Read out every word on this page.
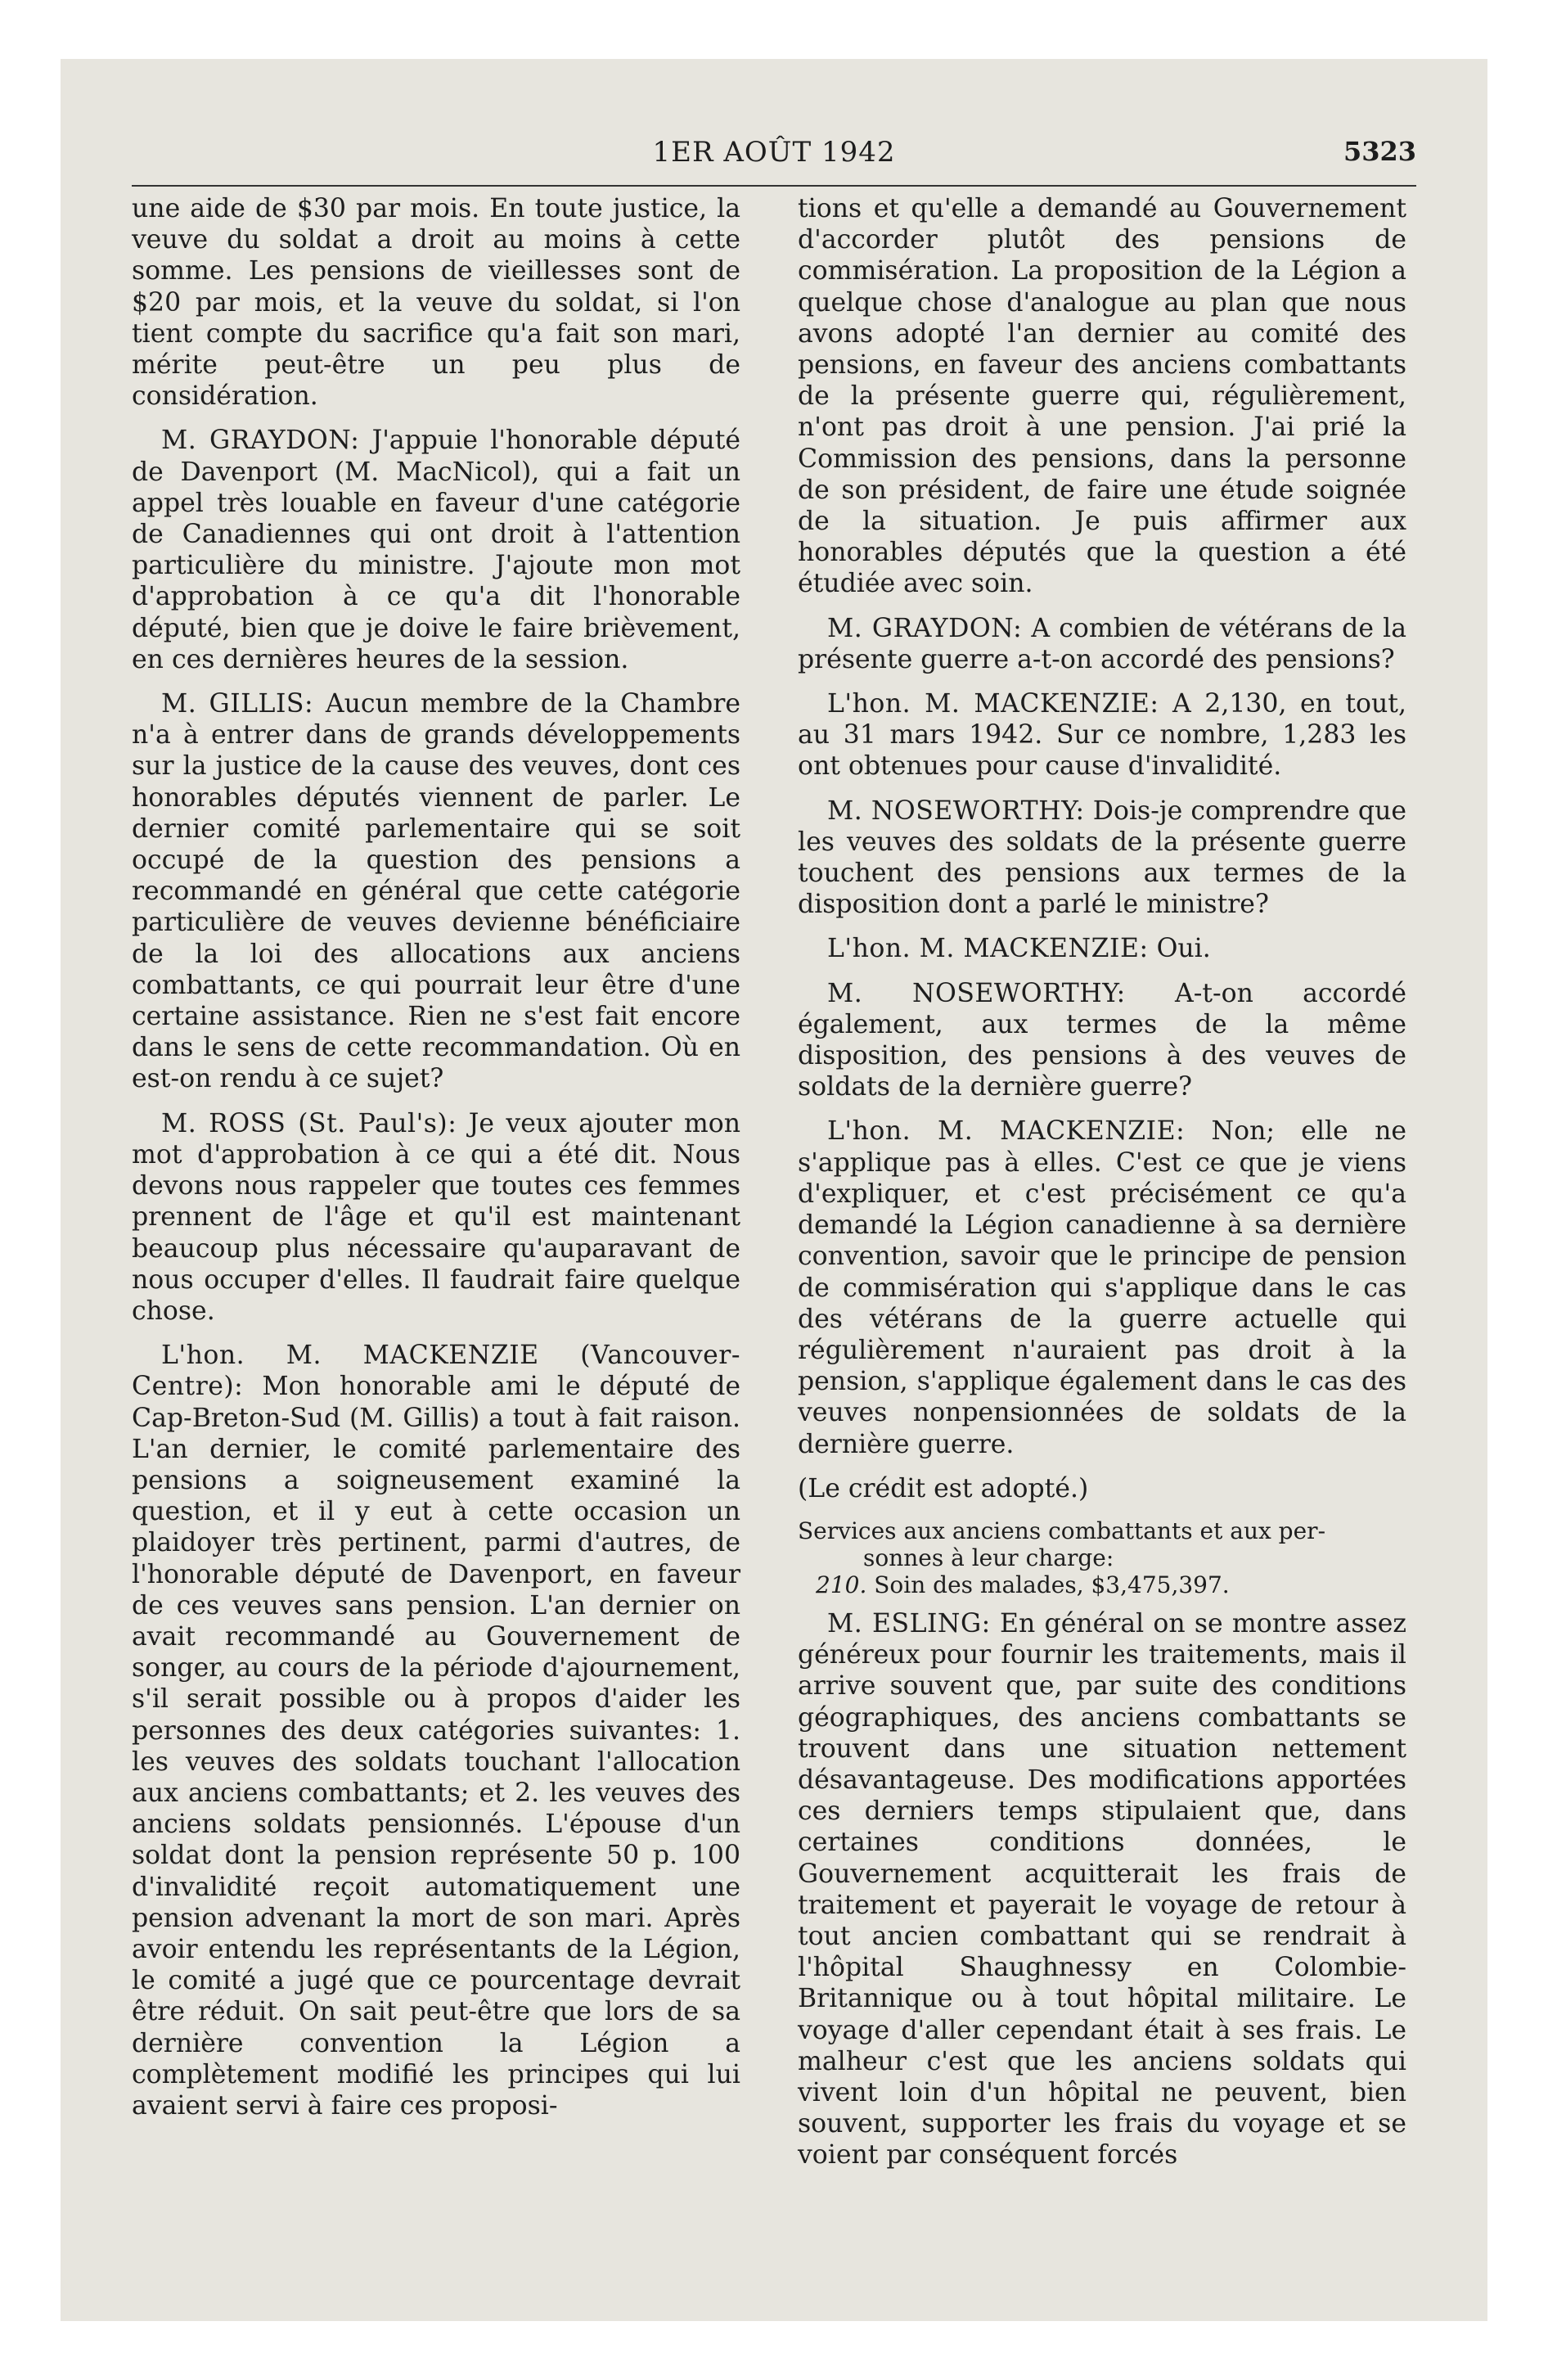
1ER AOÛT 1942	5323

une aide de $30 par mois. En toute justice, la veuve du soldat a droit au moins à cette somme. Les pensions de vieillesses sont de $20 par mois, et la veuve du soldat, si l'on tient compte du sacrifice qu'a fait son mari, mérite peut-être un peu plus de considération.

M. GRAYDON: J'appuie l'honorable député de Davenport (M. MacNicol), qui a fait un appel très louable en faveur d'une catégorie de Canadiennes qui ont droit à l'attention particulière du ministre. J'ajoute mon mot d'approbation à ce qu'a dit l'honorable député, bien que je doive le faire brièvement, en ces dernières heures de la session.

M. GILLIS: Aucun membre de la Chambre n'a à entrer dans de grands développements sur la justice de la cause des veuves, dont ces honorables députés viennent de parler. Le dernier comité parlementaire qui se soit occupé de la question des pensions a recommandé en général que cette catégorie particulière de veuves devienne bénéficiaire de la loi des allocations aux anciens combattants, ce qui pourrait leur être d'une certaine assistance. Rien ne s'est fait encore dans le sens de cette recommandation. Où en est-on rendu à ce sujet?

M. ROSS (St. Paul's): Je veux ajouter mon mot d'approbation à ce qui a été dit. Nous devons nous rappeler que toutes ces femmes prennent de l'âge et qu'il est maintenant beaucoup plus nécessaire qu'auparavant de nous occuper d'elles. Il faudrait faire quelque chose.

L'hon. M. MACKENZIE (Vancouver-Centre): Mon honorable ami le député de Cap-Breton-Sud (M. Gillis) a tout à fait raison. L'an dernier, le comité parlementaire des pensions a soigneusement examiné la question, et il y eut à cette occasion un plaidoyer très pertinent, parmi d'autres, de l'honorable député de Davenport, en faveur de ces veuves sans pension. L'an dernier on avait recommandé au Gouvernement de songer, au cours de la période d'ajournement, s'il serait possible ou à propos d'aider les personnes des deux catégories suivantes: 1. les veuves des soldats touchant l'allocation aux anciens combattants; et 2. les veuves des anciens soldats pensionnés. L'épouse d'un soldat dont la pension représente 50 p. 100 d'invalidité reçoit automatiquement une pension advenant la mort de son mari. Après avoir entendu les représentants de la Légion, le comité a jugé que ce pourcentage devrait être réduit. On sait peut-être que lors de sa dernière convention la Légion a complètement modifié les principes qui lui avaient servi à faire ces proposi-

tions et qu'elle a demandé au Gouvernement d'accorder plutôt des pensions de commisération. La proposition de la Légion a quelque chose d'analogue au plan que nous avons adopté l'an dernier au comité des pensions, en faveur des anciens combattants de la présente guerre qui, régulièrement, n'ont pas droit à une pension. J'ai prié la Commission des pensions, dans la personne de son président, de faire une étude soignée de la situation. Je puis affirmer aux honorables députés que la question a été étudiée avec soin.

M. GRAYDON: A combien de vétérans de la présente guerre a-t-on accordé des pensions?

L'hon. M. MACKENZIE: A 2,130, en tout, au 31 mars 1942. Sur ce nombre, 1,283 les ont obtenues pour cause d'invalidité.

M. NOSEWORTHY: Dois-je comprendre que les veuves des soldats de la présente guerre touchent des pensions aux termes de la disposition dont a parlé le ministre?

L'hon. M. MACKENZIE: Oui.

M. NOSEWORTHY: A-t-on accordé également, aux termes de la même disposition, des pensions à des veuves de soldats de la dernière guerre?

L'hon. M. MACKENZIE: Non; elle ne s'applique pas à elles. C'est ce que je viens d'expliquer, et c'est précisément ce qu'a demandé la Légion canadienne à sa dernière convention, savoir que le principe de pension de commisération qui s'applique dans le cas des vétérans de la guerre actuelle qui régulièrement n'auraient pas droit à la pension, s'applique également dans le cas des veuves nonpensionnées de soldats de la dernière guerre.

(Le crédit est adopté.)

Services aux anciens combattants et aux per-
sonnes à leur charge:
210. Soin des malades, $3,475,397.

M. ESLING: En général on se montre assez généreux pour fournir les traitements, mais il arrive souvent que, par suite des conditions géographiques, des anciens combattants se trouvent dans une situation nettement désavantageuse. Des modifications apportées ces derniers temps stipulaient que, dans certaines conditions données, le Gouvernement acquitterait les frais de traitement et payerait le voyage de retour à tout ancien combattant qui se rendrait à l'hôpital Shaughnessy en Colombie-Britannique ou à tout hôpital militaire. Le voyage d'aller cependant était à ses frais. Le malheur c'est que les anciens soldats qui vivent loin d'un hôpital ne peuvent, bien souvent, supporter les frais du voyage et se voient par conséquent forcés
